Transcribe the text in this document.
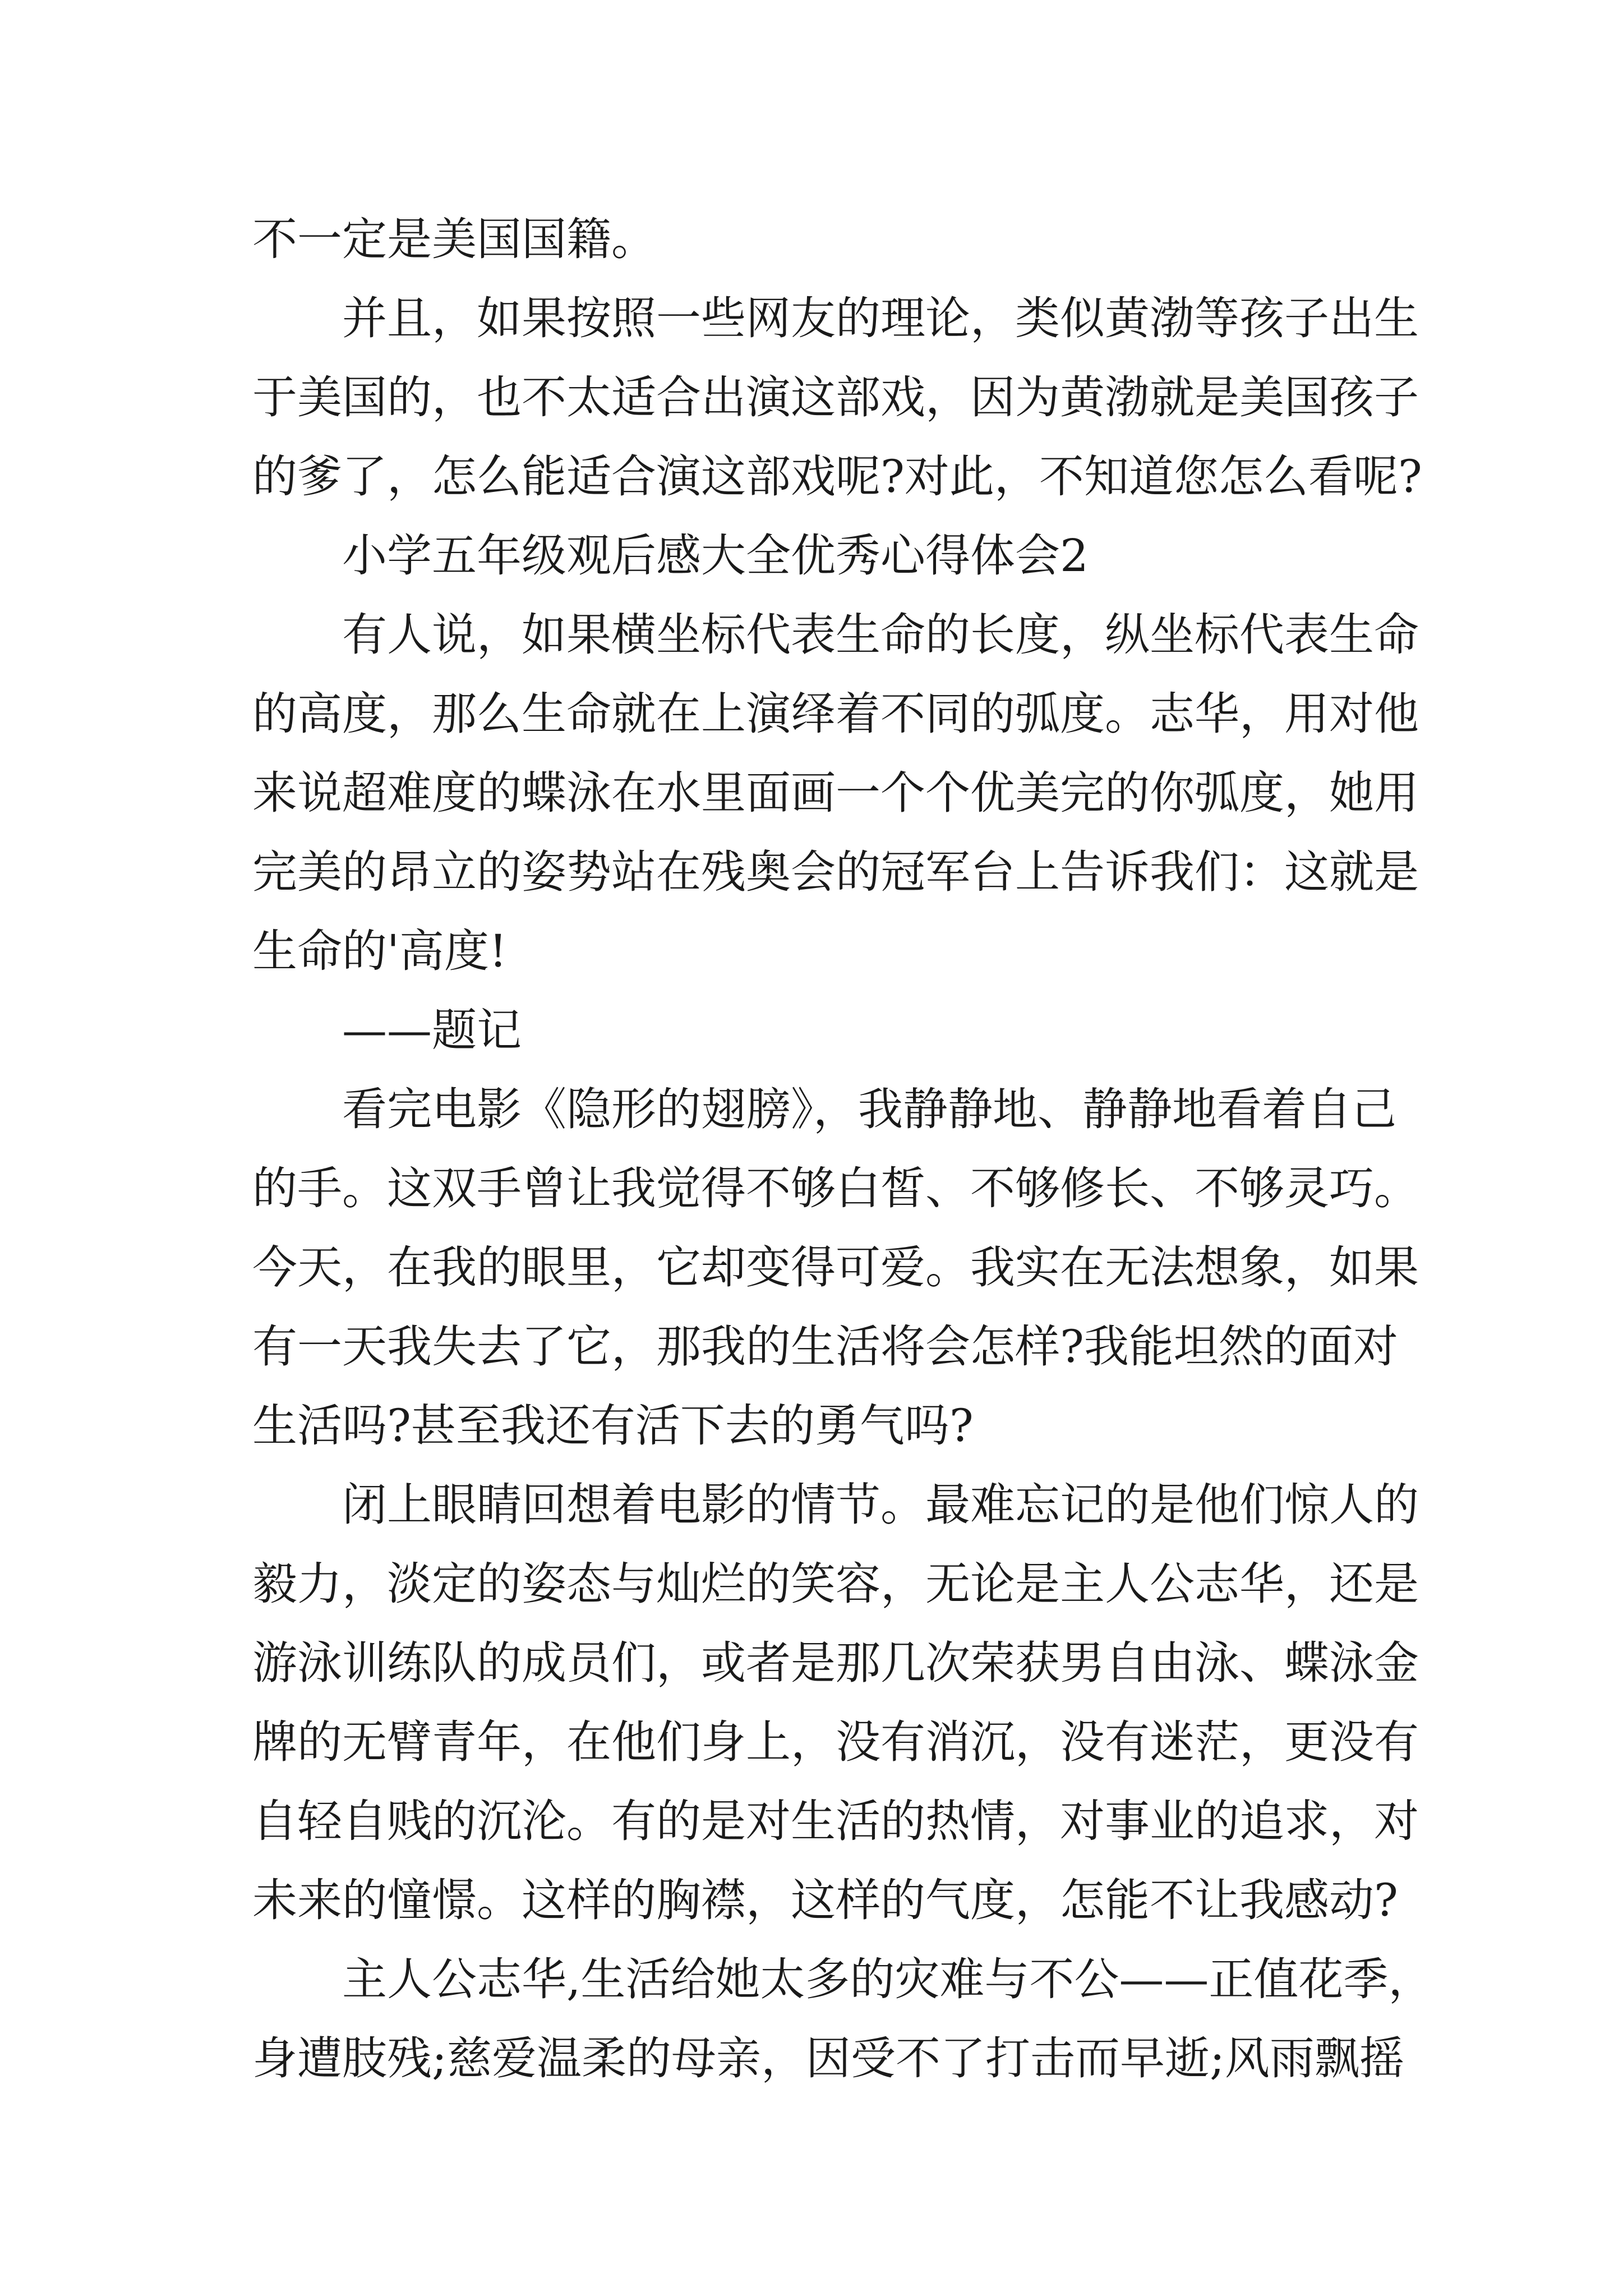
不一定是美国国籍。
并且，如果按照一些网友的理论，类似黄渤等孩子出生
于美国的，也不太适合出演这部戏，因为黄渤就是美国孩子
的爹了，怎么能适合演这部戏呢?对此，不知道您怎么看呢?
小学五年级观后感大全优秀心得体会2
有人说，如果横坐标代表生命的长度，纵坐标代表生命
的高度，那么生命就在上演绎着不同的弧度。志华，用对他
来说超难度的蝶泳在水里面画一个个优美完的你弧度，她用
完美的昂立的姿势站在残奥会的冠军台上告诉我们：这就是
生命的'高度!
——题记
看完电影《隐形的翅膀》，我静静地、静静地看着自己
的手。这双手曾让我觉得不够白皙、不够修长、不够灵巧。
今天，在我的眼里，它却变得可爱。我实在无法想象，如果
有一天我失去了它，那我的生活将会怎样?我能坦然的面对
生活吗?甚至我还有活下去的勇气吗?
闭上眼睛回想着电影的情节。最难忘记的是他们惊人的
毅力，淡定的姿态与灿烂的笑容，无论是主人公志华，还是
游泳训练队的成员们，或者是那几次荣获男自由泳、蝶泳金
牌的无臂青年，在他们身上，没有消沉，没有迷茫，更没有
自轻自贱的沉沦。有的是对生活的热情，对事业的追求，对
未来的憧憬。这样的胸襟，这样的气度，怎能不让我感动?
主人公志华,生活给她太多的灾难与不公——正值花季，
身遭肢残;慈爱温柔的母亲，因受不了打击而早逝;风雨飘摇
